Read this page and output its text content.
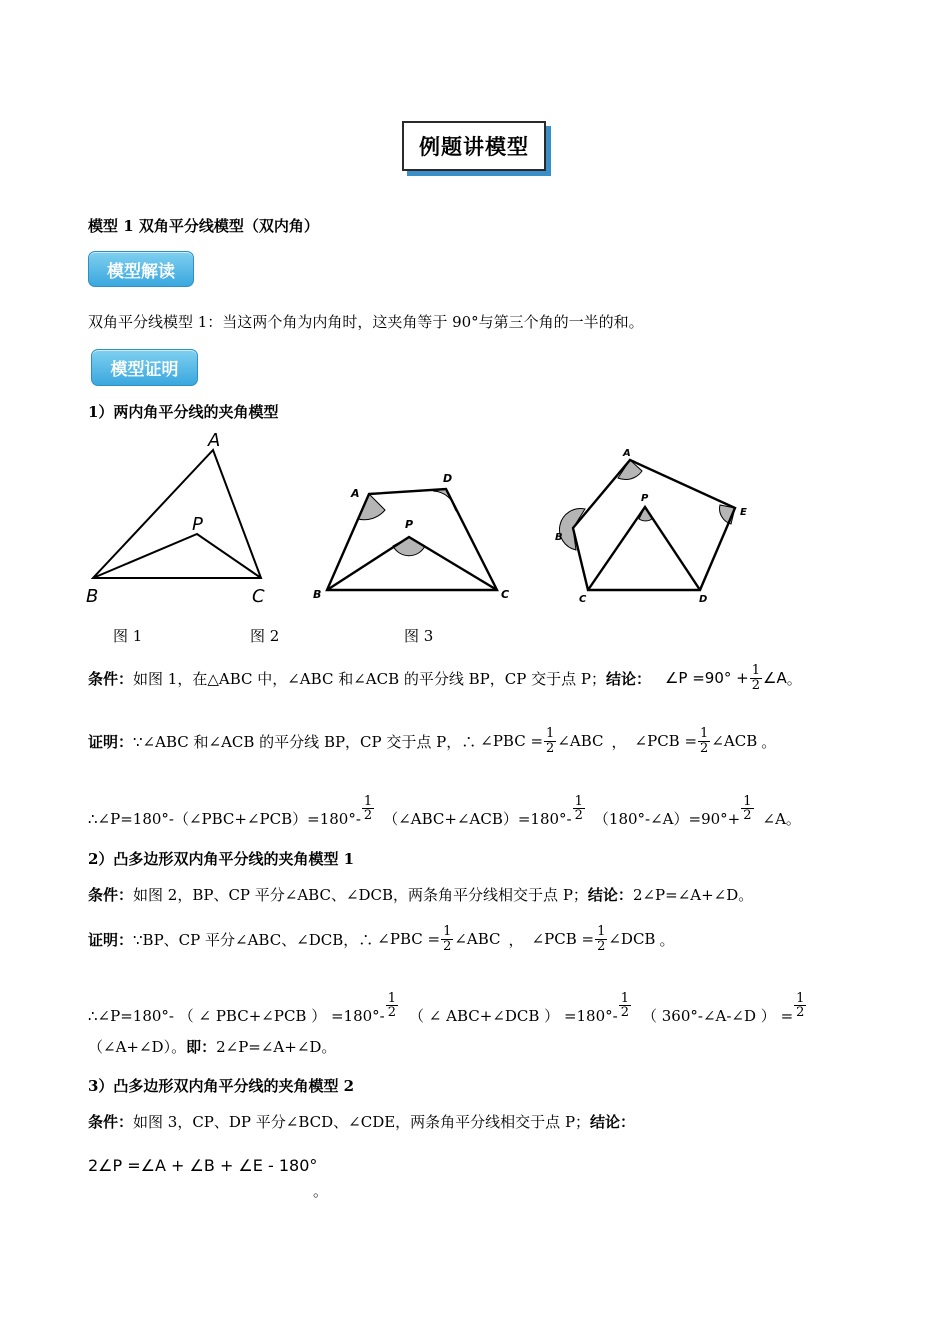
例题讲模型
模型 1 双角平分线模型（双内角）
模型解读
双角平分线模型 1：当这两个角为内角时，这夹角等于 90°与第三个角的一半的和。
模型证明
1）两内角平分线的夹角模型
A
B	C
P
A
D
B	C
P
A
B
E
C	D
P
图 1	图 2	图 3
条件： 如图 1，在△ABC 中，∠ABC 和∠ACB 的平分线 BP，CP 交于点 P； 结论： ∠P $=90^\circ + \frac{1}{2}$ ∠A 。
证明： ∵∠ABC 和∠ACB 的平分线 BP，CP 交于点 P，∴ ∠PBC = $\frac{1}{2}$ ∠ABC ， ∠PCB = $\frac{1}{2}$ ∠ACB 。
∴∠P=180°-（∠PBC+∠PCB）=180°- $\frac{1}{2}$ （∠ABC+∠ACB）=180°- $\frac{1}{2}$ （180°-∠A）=90°+ $\frac{1}{2}$ ∠A。
2）凸多边形双内角平分线的夹角模型 1
条件：如图 2，BP、CP 平分∠ABC、∠DCB，两条角平分线相交于点 P；结论：2∠P=∠A+∠D。
证明： ∵BP、CP 平分∠ABC、∠DCB，∴ ∠PBC = $\frac{1}{2}$ ∠ABC ， ∠PCB = $\frac{1}{2}$ ∠DCB 。
∴∠P=180°- （ ∠ PBC+∠PCB ） $=180^\circ- \frac{1}{2}$ （ ∠ ABC+∠DCB ） $=180^\circ- \frac{1}{2}$ （ 360°-∠A-∠D ） = $\frac{1}{2}$
（∠A+∠D）。即：2∠P=∠A+∠D。
3）凸多边形双内角平分线的夹角模型 2
条件：如图 3，CP、DP 平分∠BCD、∠CDE，两条角平分线相交于点 P；结论：
2∠P =∠A + ∠B + ∠E - 180°
。
